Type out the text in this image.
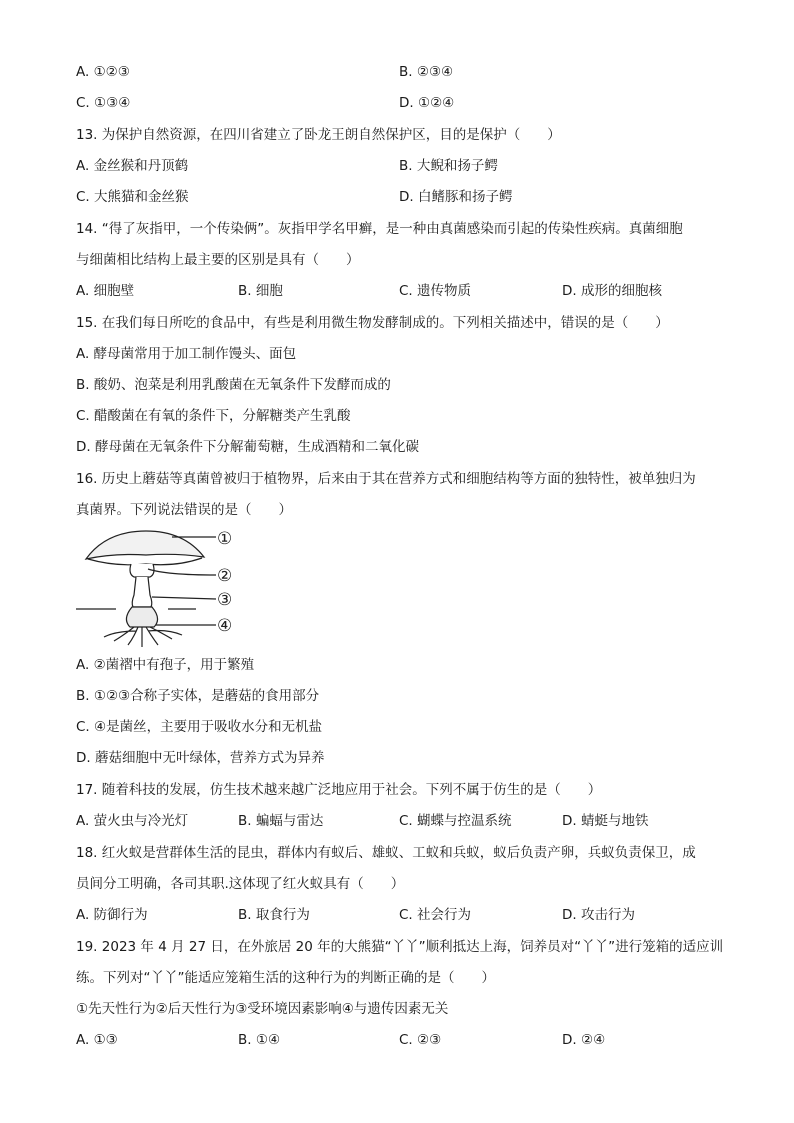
A. ①②③	B. ②③④
C. ①③④	D. ①②④
13. 为保护自然资源，在四川省建立了卧龙王朗自然保护区，目的是保护（　　）
A. 金丝猴和丹顶鹤	B. 大鲵和扬子鳄
C. 大熊猫和金丝猴	D. 白鳍豚和扬子鳄
14. “得了灰指甲，一个传染俩”。灰指甲学名甲癣，是一种由真菌感染而引起的传染性疾病。真菌细胞
与细菌相比结构上最主要的区别是具有（　　）
A. 细胞壁	B. 细胞	C. 遗传物质	D. 成形的细胞核
15. 在我们每日所吃的食品中，有些是利用微生物发酵制成的。下列相关描述中，错误的是（　　）
A. 酵母菌常用于加工制作馒头、面包
B. 酸奶、泡菜是利用乳酸菌在无氧条件下发酵而成的
C. 醋酸菌在有氧的条件下，分解糖类产生乳酸
D. 酵母菌在无氧条件下分解葡萄糖，生成酒精和二氧化碳
16. 历史上蘑菇等真菌曾被归于植物界，后来由于其在营养方式和细胞结构等方面的独特性，被单独归为
真菌界。下列说法错误的是（　　）
①
②
③
④
A. ②菌褶中有孢子，用于繁殖
B. ①②③合称子实体，是蘑菇的食用部分
C. ④是菌丝，主要用于吸收水分和无机盐
D. 蘑菇细胞中无叶绿体，营养方式为异养
17. 随着科技的发展，仿生技术越来越广泛地应用于社会。下列不属于仿生的是（　　）
A. 萤火虫与冷光灯	B. 蝙蝠与雷达	C. 蝴蝶与控温系统	D. 蜻蜓与地铁
18. 红火蚁是营群体生活的昆虫，群体内有蚁后、雄蚁、工蚁和兵蚁，蚁后负责产卵，兵蚁负责保卫，成
员间分工明确，各司其职.这体现了红火蚁具有（　　）
A. 防御行为	B. 取食行为	C. 社会行为	D. 攻击行为
19. 2023 年 4 月 27 日，在外旅居 20 年的大熊猫“丫丫”顺利抵达上海，饲养员对“丫丫”进行笼箱的适应训
练。下列对“丫丫”能适应笼箱生活的这种行为的判断正确的是（　　）
①先天性行为②后天性行为③受环境因素影响④与遗传因素无关
A. ①③	B. ①④	C. ②③	D. ②④
